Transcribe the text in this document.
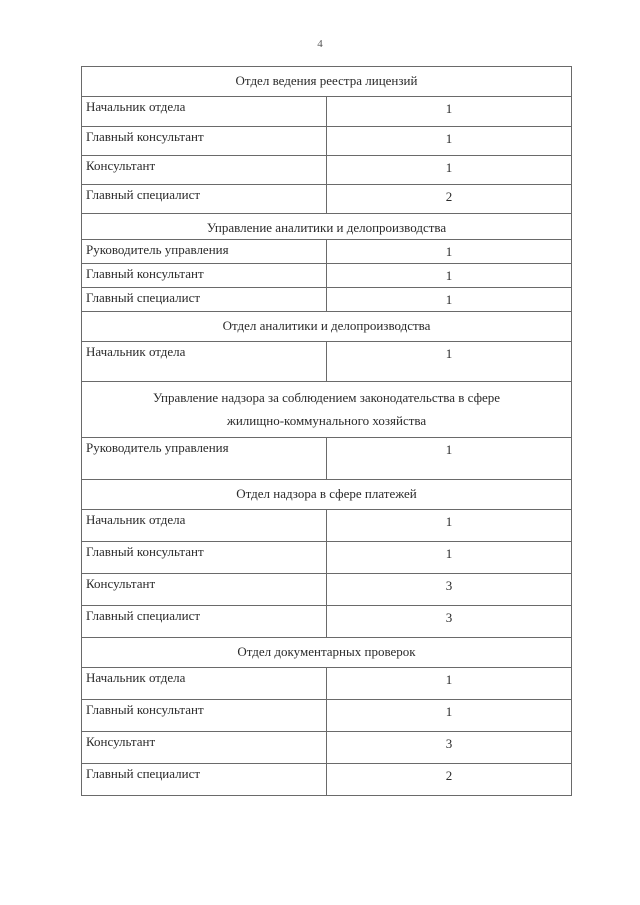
4
Отдел ведения реестра лицензий	
Начальник отдела	1
Главный консультант	1
Консультант	1
Главный специалист	2
Управление аналитики и делопроизводства	
Руководитель управления	1
Главный консультант	1
Главный специалист	1
Отдел аналитики и делопроизводства	
Начальник отдела	1

Управление надзора за соблюдением законодательства в сфере
жилищно-коммунального хозяйства	

Руководитель управления	1
Отдел надзора в сфере платежей	
Начальник отдела	1
Главный консультант	1
Консультант	3
Главный специалист	3
Отдел документарных проверок	
Начальник отдела	1
Главный консультант	1
Консультант	3
Главный специалист	2
